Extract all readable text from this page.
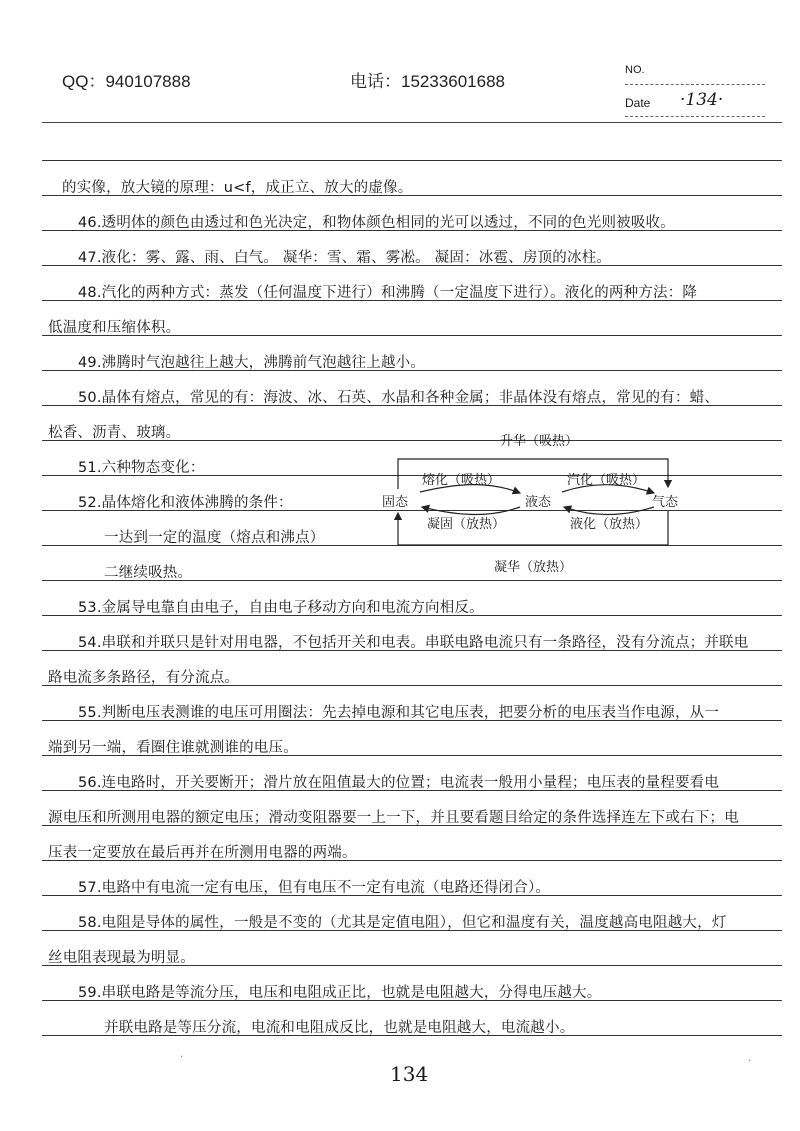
QQ：940107888	电话：15233601688
NO.
Date ·134·
的实像，放大镜的原理：u<f，成正立、放大的虚像。
46.透明体的颜色由透过和色光决定，和物体颜色相同的光可以透过，不同的色光则被吸收。
47.液化：雾、露、雨、白气。 凝华：雪、霜、雾凇。 凝固：冰雹、房顶的冰柱。
48.汽化的两种方式：蒸发（任何温度下进行）和沸腾（一定温度下进行）。液化的两种方法：降
低温度和压缩体积。
49.沸腾时气泡越往上越大，沸腾前气泡越往上越小。
50.晶体有熔点，常见的有：海波、冰、石英、水晶和各种金属；非晶体没有熔点，常见的有：蜡、
松香、沥青、玻璃。
51.六种物态变化：
52.晶体熔化和液体沸腾的条件：
一达到一定的温度（熔点和沸点）
二继续吸热。
53.金属导电靠自由电子，自由电子移动方向和电流方向相反。
54.串联和并联只是针对用电器，不包括开关和电表。串联电路电流只有一条路径，没有分流点；并联电
路电流多条路径，有分流点。
55.判断电压表测谁的电压可用圈法：先去掉电源和其它电压表，把要分析的电压表当作电源，从一
端到另一端，看圈住谁就测谁的电压。
56.连电路时，开关要断开；滑片放在阻值最大的位置；电流表一般用小量程；电压表的量程要看电
源电压和所测用电器的额定电压；滑动变阻器要一上一下，并且要看题目给定的条件选择连左下或右下；电
压表一定要放在最后再并在所测用电器的两端。
57.电路中有电流一定有电压，但有电压不一定有电流（电路还得闭合）。
58.电阻是导体的属性，一般是不变的（尤其是定值电阻），但它和温度有关，温度越高电阻越大，灯
丝电阻表现最为明显。
59.串联电路是等流分压，电压和电阻成正比，也就是电阻越大，分得电压越大。
并联电路是等压分流，电流和电阻成反比，也就是电阻越大，电流越小。
升华（吸热）
固态	液态	气态
熔化（吸热）
凝固（放热）
汽化（吸热）
液化（放热）
凝华（放热）
·	·
134
